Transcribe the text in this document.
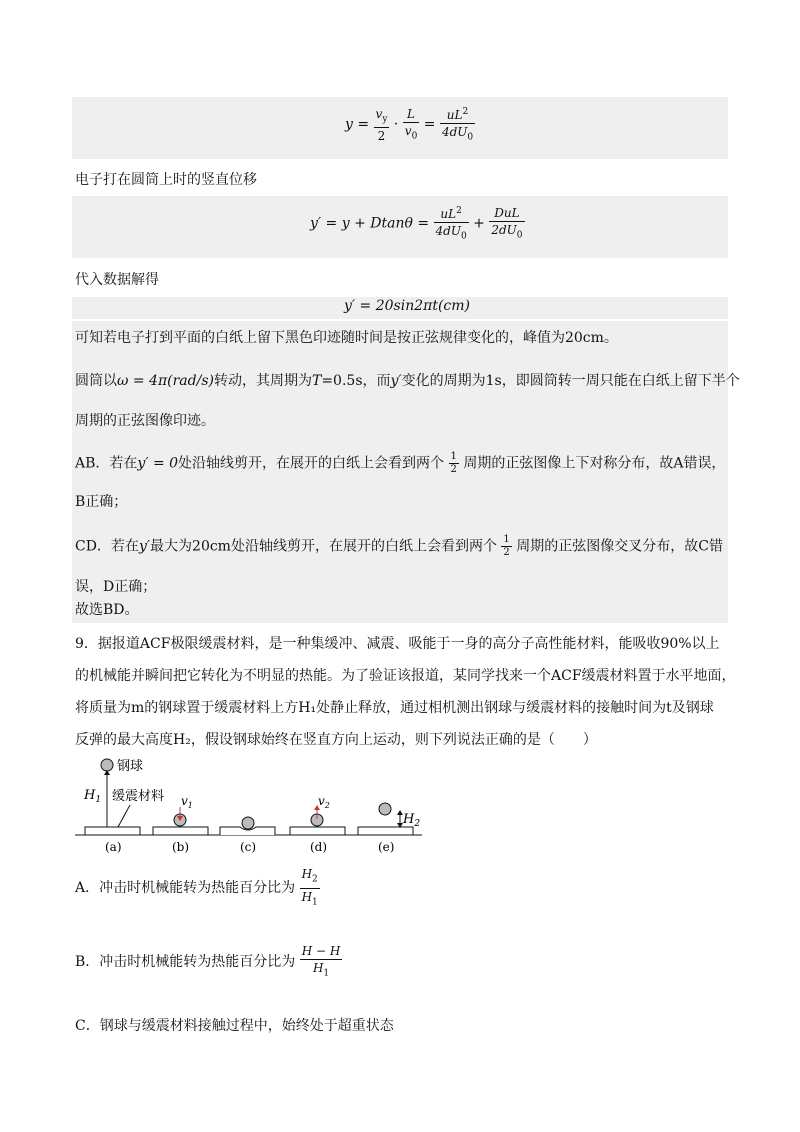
$y = \frac{v_y}{2} \cdot \frac{L}{v_0} = \frac{uL^2}{4dU_0}$
电子打在圆筒上时的竖直位移
$y' = y + Dtan\theta = \frac{uL^2}{4dU_0} + \frac{\text{DuL}}{2dU_0}$
代入数据解得
y′ = 20sin2πt(cm)
可知若电子打到平面的白纸上留下黑色印迹随时间是按正弦规律变化的，峰值为20cm。
圆筒以ω = 4π(rad/s)转动，其周期为T=0.5s，而y′变化的周期为1s，即圆筒转一周只能在白纸上留下半个
周期的正弦图像印迹。
AB．若在y′ = 0处沿轴线剪开，在展开的白纸上会看到两个 $\frac{1}{2}$ 周期的正弦图像上下对称分布，故A错误，
B正确；
CD．若在y′最大为20cm处沿轴线剪开，在展开的白纸上会看到两个 $\frac{1}{2}$ 周期的正弦图像交叉分布，故C错
误，D正确；
故选BD。
9．据报道ACF极限缓震材料，是一种集缓冲、减震、吸能于一身的高分子高性能材料，能吸收90%以上
的机械能并瞬间把它转化为不明显的热能。为了验证该报道，某同学找来一个ACF缓震材料置于水平地面，
将质量为m的钢球置于缓震材料上方H₁处静止释放，通过相机测出钢球与缓震材料的接触时间为t及钢球
反弹的最大高度H₂，假设钢球始终在竖直方向上运动，则下列说法正确的是（　　）
钢球
$H_1$ 缓震材料 $v_1$	$v_2$
$H_2$
(a)	(b)	(c)	(d)	(e)
A．冲击时机械能转为热能百分比为 $\frac{H_2}{H_1}$
B．冲击时机械能转为热能百分比为 $\frac{H - H}{H_1}$
C．钢球与缓震材料接触过程中，始终处于超重状态
